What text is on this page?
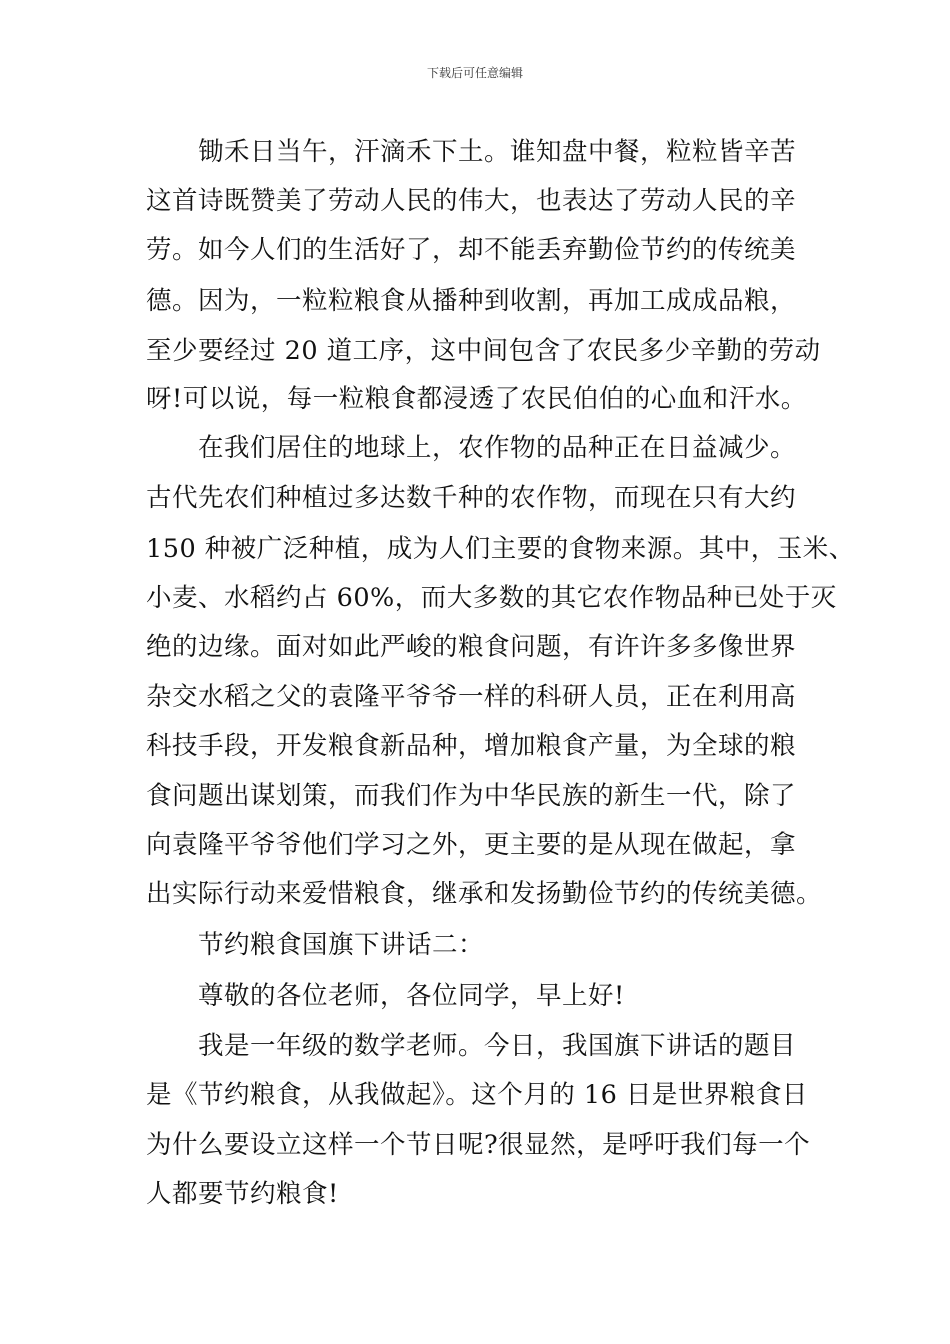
下载后可任意编辑
锄禾日当午，汗滴禾下土。谁知盘中餐，粒粒皆辛苦
这首诗既赞美了劳动人民的伟大，也表达了劳动人民的辛
劳。如今人们的生活好了，却不能丢弃勤俭节约的传统美
德。因为，一粒粒粮食从播种到收割，再加工成成品粮，
至少要经过 20 道工序，这中间包含了农民多少辛勤的劳动
呀!可以说，每一粒粮食都浸透了农民伯伯的心血和汗水。
在我们居住的地球上，农作物的品种正在日益减少。
古代先农们种植过多达数千种的农作物，而现在只有大约
150 种被广泛种植，成为人们主要的食物来源。其中，玉米、
小麦、水稻约占 60%，而大多数的其它农作物品种已处于灭
绝的边缘。面对如此严峻的粮食问题，有许许多多像世界
杂交水稻之父的袁隆平爷爷一样的科研人员，正在利用高
科技手段，开发粮食新品种，增加粮食产量，为全球的粮
食问题出谋划策，而我们作为中华民族的新生一代，除了
向袁隆平爷爷他们学习之外，更主要的是从现在做起，拿
出实际行动来爱惜粮食，继承和发扬勤俭节约的传统美德。
节约粮食国旗下讲话二：
尊敬的各位老师，各位同学，早上好!
我是一年级的数学老师。今日，我国旗下讲话的题目
是《节约粮食，从我做起》。这个月的 16 日是世界粮食日
为什么要设立这样一个节日呢?很显然，是呼吁我们每一个
人都要节约粮食!
